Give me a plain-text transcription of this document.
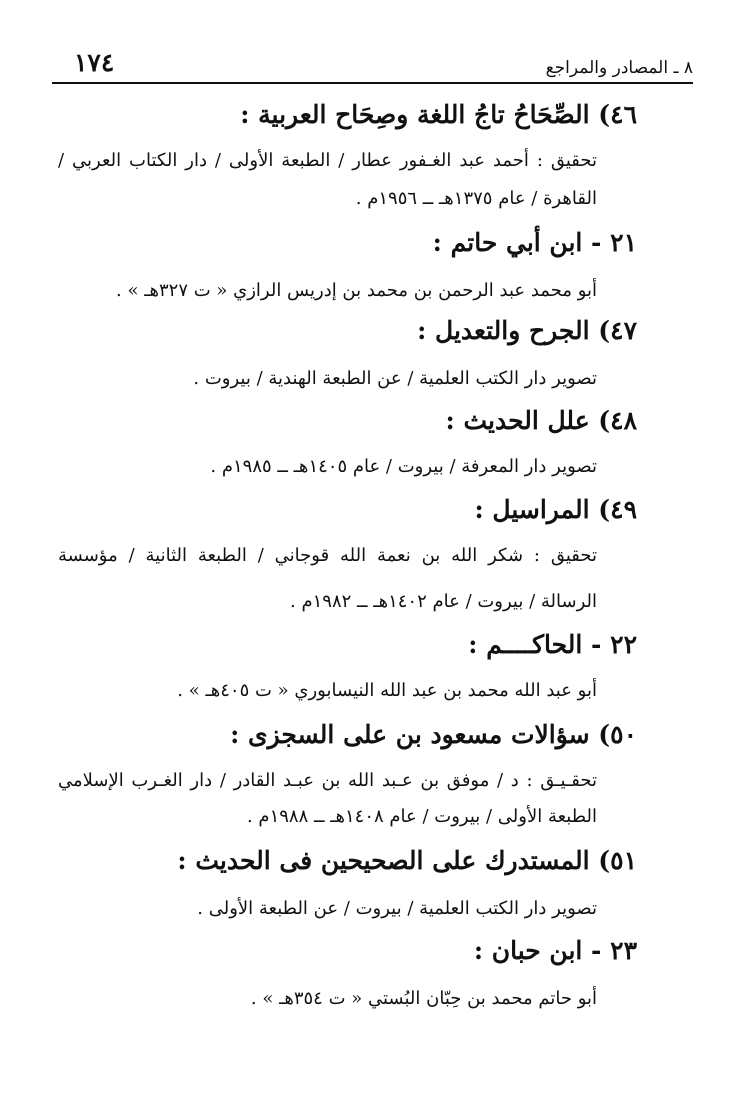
١٧٤	٨ ـ المصادر والمراجع
٤٦) الصِّحَاحُ تاجُ اللغة وصِحَاح العربية :
تحقيق : أحمد عبد الغـفور عطار / الطبعة الأولى / دار الكتاب العربي /
القاهرة / عام ١٣٧٥هـ ــ ١٩٥٦م .
٢١ - ابن أبي حاتم :
أبو محمد عبد الرحمن بن محمد بن إدريس الرازي « ت ٣٢٧هـ » .
٤٧) الجرح والتعديل :
تصوير دار الكتب العلمية / عن الطبعة الهندية / بيروت .
٤٨) علل الحديث :
تصوير دار المعرفة / بيروت / عام ١٤٠٥هـ ــ ١٩٨٥م .
٤٩) المراسيل :
تحقيق : شكر الله بن نعمة الله قوجاني / الطبعة الثانية / مؤسسة
الرسالة / بيروت / عام ١٤٠٢هـ ــ ١٩٨٢م .
٢٢ - الحاكــــم :
أبو عبد الله محمد بن عبد الله النيسابوري « ت ٤٠٥هـ » .
٥٠) سؤالات مسعود بن على السجزى :
تحقـيـق : د / موفق بن عـبد الله بن عبـد القادر / دار الغـرب الإسلامي
الطبعة الأولى / بيروت / عام ١٤٠٨هـ ــ ١٩٨٨م .
٥١) المستدرك على الصحيحين فى الحديث :
تصوير دار الكتب العلمية / بيروت / عن الطبعة الأولى .
٢٣ - ابن حبان :
أبو حاتم محمد بن حِبّان البُستي « ت ٣٥٤هـ » .
